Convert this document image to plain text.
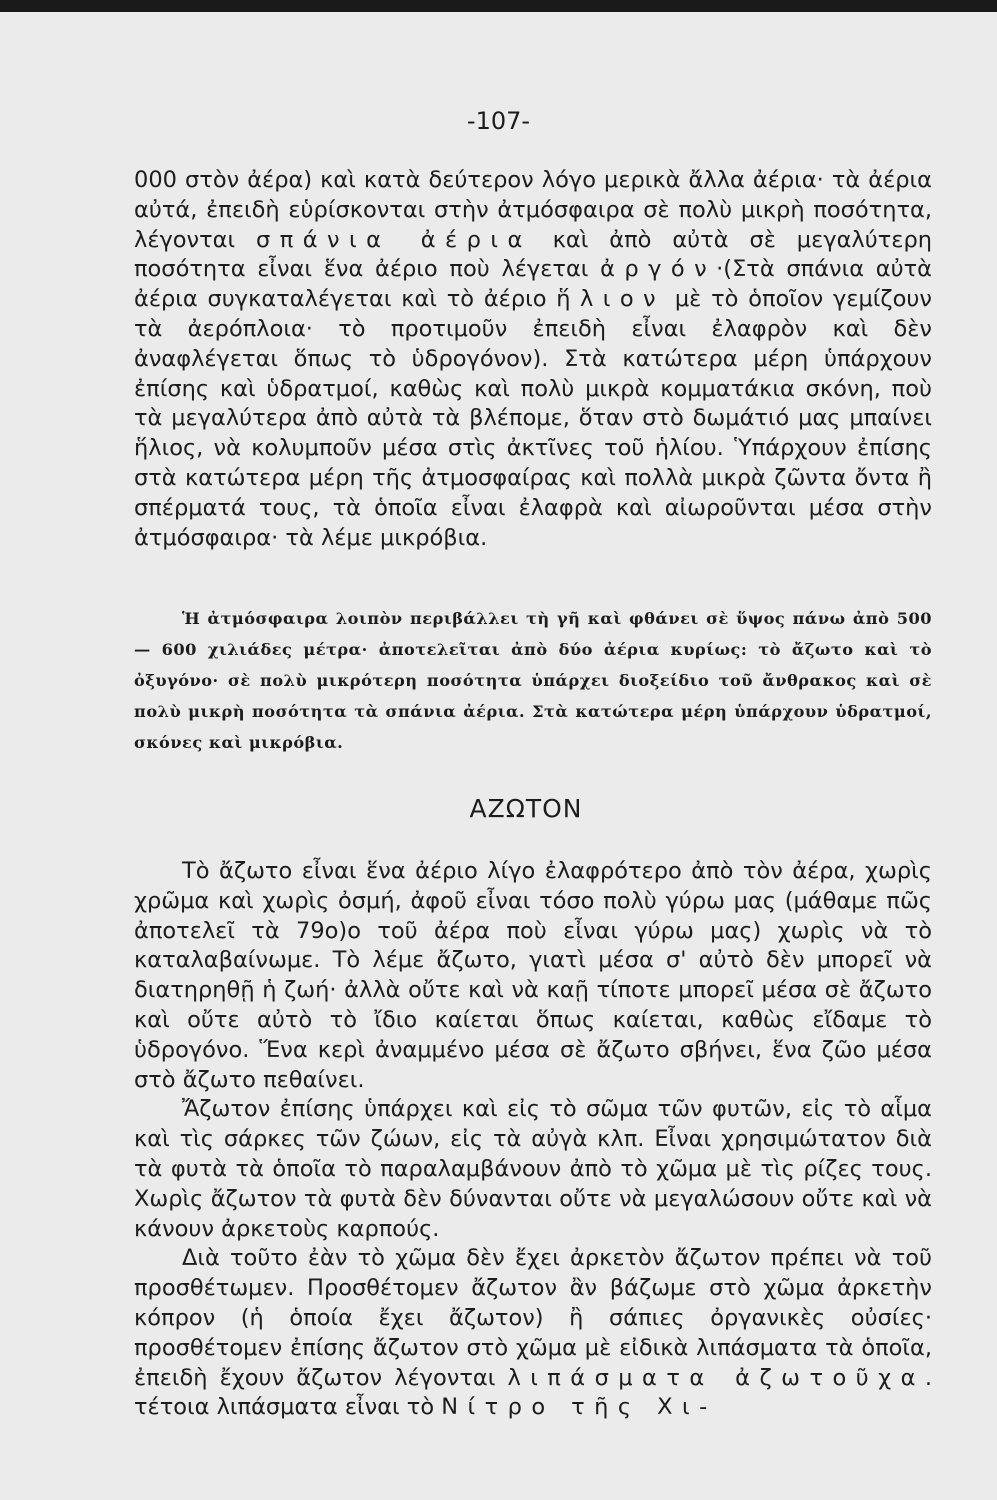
-107-

000 στὸν ἀέρα) καὶ κατὰ δεύτερον λόγο μερικὰ ἄλλα ἀέρια· τὰ ἀέρια αὐτά, ἐπειδὴ εὑρίσκονται στὴν ἀτμόσφαιρα σὲ πολὺ μικρὴ ποσότητα, λέγονται σπάνια ἀέρια καὶ ἀπὸ αὐτὰ σὲ μεγαλύτερη ποσότητα εἶναι ἕνα ἀέριο ποὺ λέγεται ἀργόν·(Στὰ σπάνια αὐτὰ ἀέρια συγκαταλέγεται καὶ τὸ ἀέριο ἥλιον μὲ τὸ ὁποῖον γεμίζουν τὰ ἀερόπλοια· τὸ προτιμοῦν ἐπειδὴ εἶναι ἐλαφρὸν καὶ δὲν ἀναφλέγεται ὅπως τὸ ὑδρογόνον). Στὰ κατώτερα μέρη ὑπάρχουν ἐπίσης καὶ ὑδρατμοί, καθὼς καὶ πολὺ μικρὰ κομματάκια σκόνη, ποὺ τὰ μεγαλύτερα ἀπὸ αὐτὰ τὰ βλέπομε, ὅταν στὸ δωμάτιό μας μπαίνει ἥλιος, νὰ κολυμποῦν μέσα στὶς ἀκτῖνες τοῦ ἡλίου. Ὑπάρχουν ἐπίσης στὰ κατώτερα μέρη τῆς ἀτμοσφαίρας καὶ πολλὰ μικρὰ ζῶντα ὄντα ἢ σπέρματά τους, τὰ ὁποῖα εἶναι ἐλαφρὰ καὶ αἰωροῦνται μέσα στὴν ἀτμόσφαιρα· τὰ λέμε μικρόβια.

Ἡ ἀτμόσφαιρα λοιπὸν περιβάλλει τὴ γῆ καὶ φθάνει σὲ ὕψος πάνω ἀπὸ 500 — 600 χιλιάδες μέτρα· ἀποτελεῖται ἀπὸ δύο ἀέρια κυρίως: τὸ ἄζωτο καὶ τὸ ὀξυγόνο· σὲ πολὺ μικρότερη ποσότητα ὑπάρχει διοξείδιο τοῦ ἄνθρακος καὶ σὲ πολὺ μικρὴ ποσότητα τὰ σπάνια ἀέρια. Στὰ κατώτερα μέρη ὑπάρχουν ὑδρατμοί, σκόνες καὶ μικρόβια.

ΑΖΩΤΟΝ

Τὸ ἄζωτο εἶναι ἕνα ἀέριο λίγο ἐλαφρότερο ἀπὸ τὸν ἀέρα, χωρὶς χρῶμα καὶ χωρὶς ὀσμή, ἀφοῦ εἶναι τόσο πολὺ γύρω μας (μάθαμε πῶς ἀποτελεῖ τὰ 79ο)ο τοῦ ἀέρα ποὺ εἶναι γύρω μας) χωρὶς νὰ τὸ καταλαβαίνωμε. Τὸ λέμε ἄζωτο, γιατὶ μέσα σ' αὐτὸ δὲν μπορεῖ νὰ διατηρηθῇ ἡ ζωή· ἀλλὰ οὔτε καὶ νὰ καῇ τίποτε μπορεῖ μέσα σὲ ἄζωτο καὶ οὔτε αὐτὸ τὸ ἴδιο καίεται ὅπως καίεται, καθὼς εἴδαμε τὸ ὑδρογόνο. Ἕνα κερὶ ἀναμμένο μέσα σὲ ἄζωτο σβήνει, ἕνα ζῶο μέσα στὸ ἄζωτο πεθαίνει.

Ἄζωτον ἐπίσης ὑπάρχει καὶ εἰς τὸ σῶμα τῶν φυτῶν, εἰς τὸ αἷμα καὶ τὶς σάρκες τῶν ζώων, εἰς τὰ αὐγὰ κλπ. Εἶναι χρησιμώτατον διὰ τὰ φυτὰ τὰ ὁποῖα τὸ παραλαμβάνουν ἀπὸ τὸ χῶμα μὲ τὶς ρίζες τους. Χωρὶς ἄζωτον τὰ φυτὰ δὲν δύνανται οὔτε νὰ μεγαλώσουν οὔτε καὶ νὰ κάνουν ἀρκετοὺς καρπούς.

Διὰ τοῦτο ἐὰν τὸ χῶμα δὲν ἔχει ἀρκετὸν ἄζωτον πρέπει νὰ τοῦ προσθέτωμεν. Προσθέτομεν ἄζωτον ἂν βάζωμε στὸ χῶμα ἀρκετὴν κόπρον (ἡ ὁποία ἔχει ἄζωτον) ἢ σάπιες ὀργανικὲς οὐσίες· προσθέτομεν ἐπίσης ἄζωτον στὸ χῶμα μὲ εἰδικὰ λιπάσματα τὰ ὁποῖα, ἐπειδὴ ἔχουν ἄζωτον λέγονται λιπάσματα ἀζωτοῦχα. τέτοια λιπάσματα εἶναι τὸ Νίτρο τῆς Χι-
